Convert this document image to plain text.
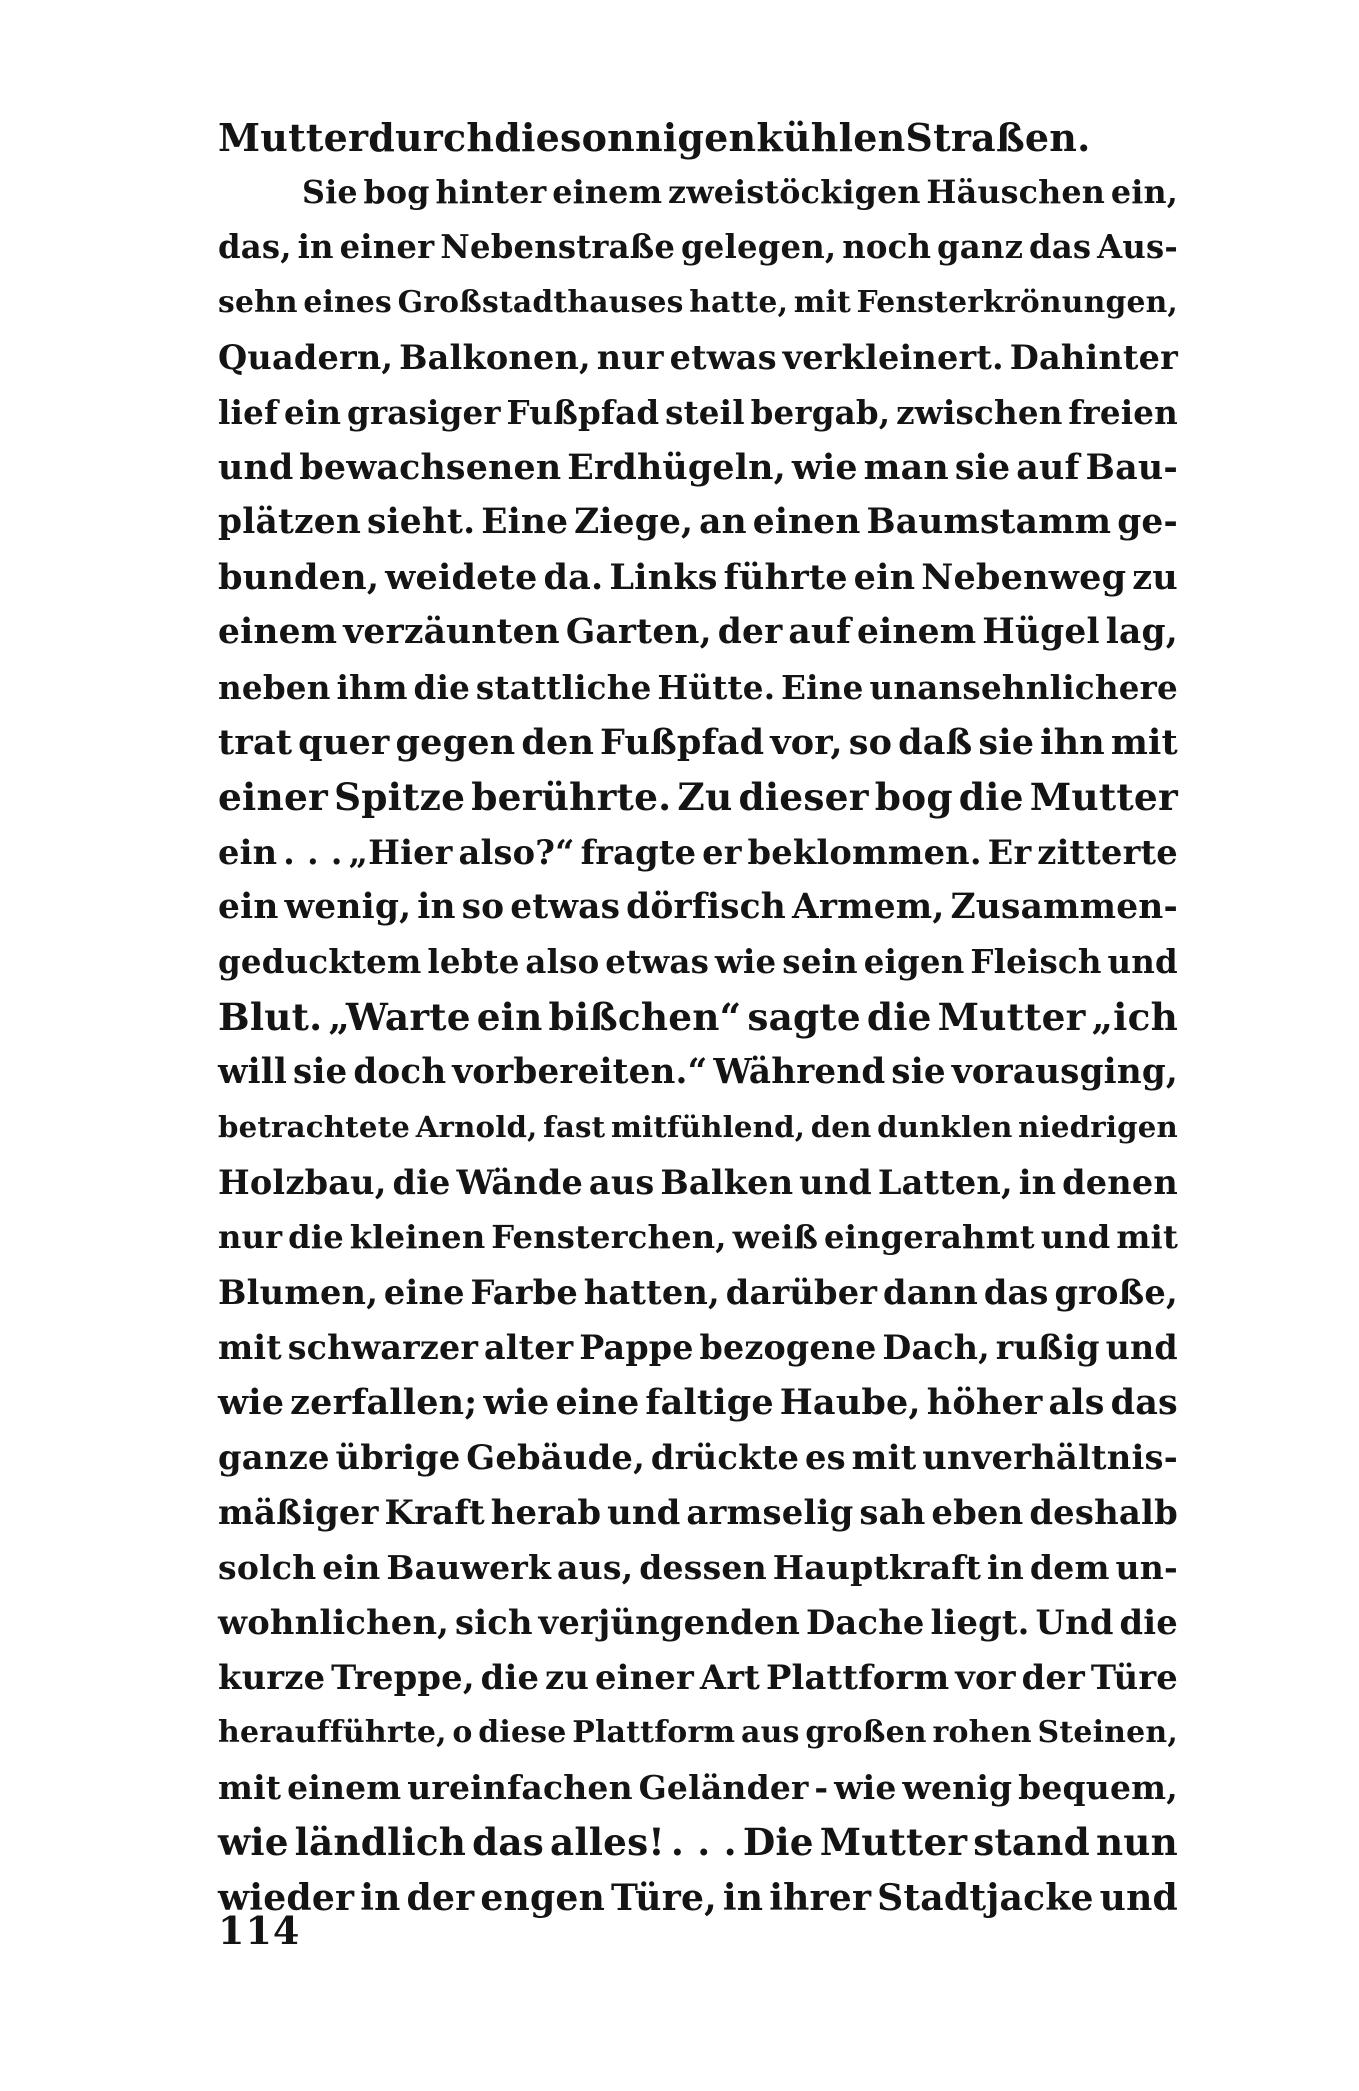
Mutter durch die sonnigen kühlen Straßen.
Sie bog hinter einem zweistöckigen Häuschen ein,
das, in einer Nebenstraße gelegen, noch ganz das Aus-
sehn eines Großstadthauses hatte, mit Fensterkrönungen,
Quadern, Balkonen, nur etwas verkleinert. Dahinter
lief ein grasiger Fußpfad steil bergab, zwischen freien
und bewachsenen Erdhügeln, wie man sie auf Bau-
plätzen sieht. Eine Ziege, an einen Baumstamm ge-
bunden, weidete da. Links führte ein Nebenweg zu
einem verzäunten Garten, der auf einem Hügel lag,
neben ihm die stattliche Hütte. Eine unansehnlichere
trat quer gegen den Fußpfad vor, so daß sie ihn mit
einer Spitze berührte. Zu dieser bog die Mutter
ein . . . „Hier also?“ fragte er beklommen. Er zitterte
ein wenig, in so etwas dörfisch Armem, Zusammen-
geducktem lebte also etwas wie sein eigen Fleisch und
Blut. „Warte ein bißchen“ sagte die Mutter „ich
will sie doch vorbereiten.“ Während sie vorausging,
betrachtete Arnold, fast mitfühlend, den dunklen niedrigen
Holzbau, die Wände aus Balken und Latten, in denen
nur die kleinen Fensterchen, weiß eingerahmt und mit
Blumen, eine Farbe hatten, darüber dann das große,
mit schwarzer alter Pappe bezogene Dach, rußig und
wie zerfallen; wie eine faltige Haube, höher als das
ganze übrige Gebäude, drückte es mit unverhältnis-
mäßiger Kraft herab und armselig sah eben deshalb
solch ein Bauwerk aus, dessen Hauptkraft in dem un-
wohnlichen, sich verjüngenden Dache liegt. Und die
kurze Treppe, die zu einer Art Plattform vor der Türe
heraufführte, o diese Plattform aus großen rohen Steinen,
mit einem ureinfachen Geländer - wie wenig bequem,
wie ländlich das alles! . . . Die Mutter stand nun
wieder in der engen Türe, in ihrer Stadtjacke und
114
